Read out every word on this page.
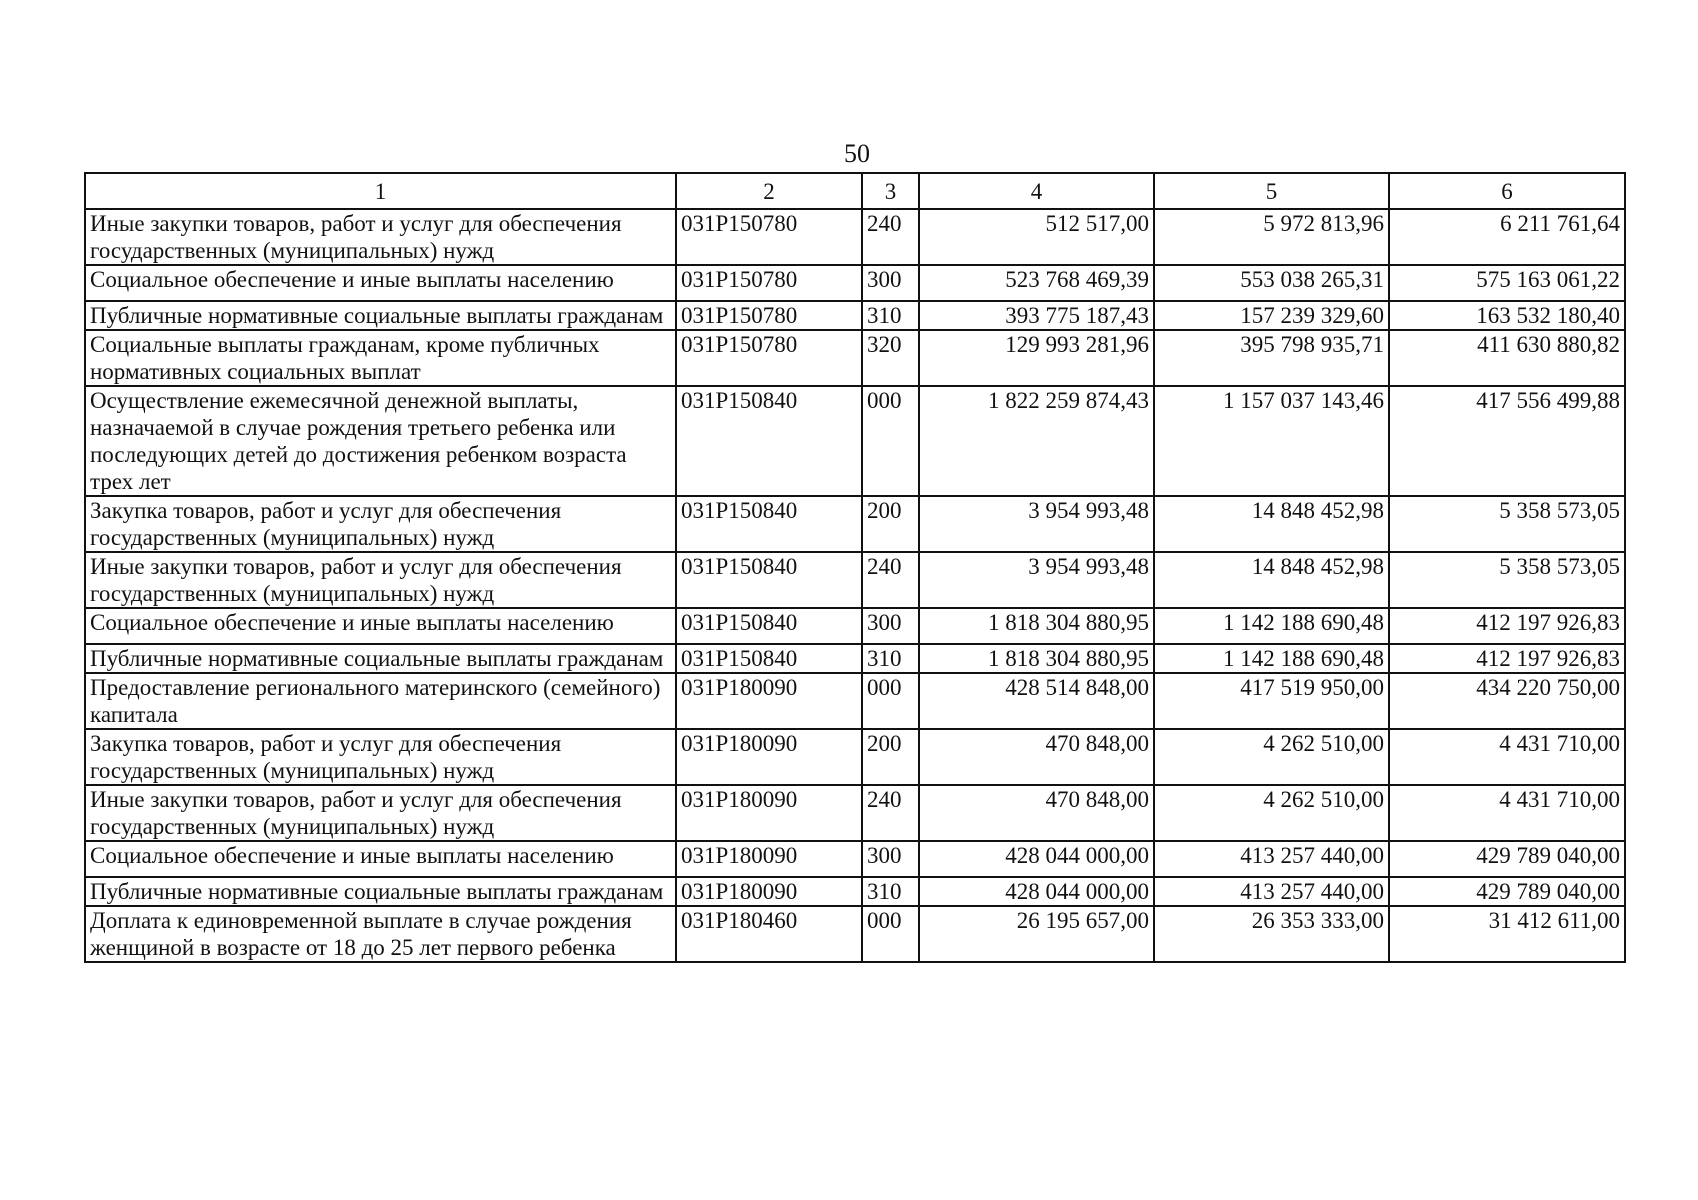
50
1	2	3	4	5	6
Иные закупки товаров, работ и услуг для обеспечения государственных (муниципальных) нужд	031P150780	240	512 517,00	5 972 813,96	6 211 761,64
Социальное обеспечение и иные выплаты населению	031P150780	300	523 768 469,39	553 038 265,31	575 163 061,22
Публичные нормативные социальные выплаты гражданам	031P150780	310	393 775 187,43	157 239 329,60	163 532 180,40
Социальные выплаты гражданам, кроме публичных нормативных социальных выплат	031P150780	320	129 993 281,96	395 798 935,71	411 630 880,82
Осуществление ежемесячной денежной выплаты, назначаемой в случае рождения третьего ребенка или последующих детей до достижения ребенком возраста трех лет	031P150840	000	1 822 259 874,43	1 157 037 143,46	417 556 499,88
Закупка товаров, работ и услуг для обеспечения государственных (муниципальных) нужд	031P150840	200	3 954 993,48	14 848 452,98	5 358 573,05
Иные закупки товаров, работ и услуг для обеспечения государственных (муниципальных) нужд	031P150840	240	3 954 993,48	14 848 452,98	5 358 573,05
Социальное обеспечение и иные выплаты населению	031P150840	300	1 818 304 880,95	1 142 188 690,48	412 197 926,83
Публичные нормативные социальные выплаты гражданам	031P150840	310	1 818 304 880,95	1 142 188 690,48	412 197 926,83
Предоставление регионального материнского (семейного) капитала	031P180090	000	428 514 848,00	417 519 950,00	434 220 750,00
Закупка товаров, работ и услуг для обеспечения государственных (муниципальных) нужд	031P180090	200	470 848,00	4 262 510,00	4 431 710,00
Иные закупки товаров, работ и услуг для обеспечения государственных (муниципальных) нужд	031P180090	240	470 848,00	4 262 510,00	4 431 710,00
Социальное обеспечение и иные выплаты населению	031P180090	300	428 044 000,00	413 257 440,00	429 789 040,00
Публичные нормативные социальные выплаты гражданам	031P180090	310	428 044 000,00	413 257 440,00	429 789 040,00
Доплата к единовременной выплате в случае рождения женщиной в возрасте от 18 до 25 лет первого ребенка	031P180460	000	26 195 657,00	26 353 333,00	31 412 611,00
